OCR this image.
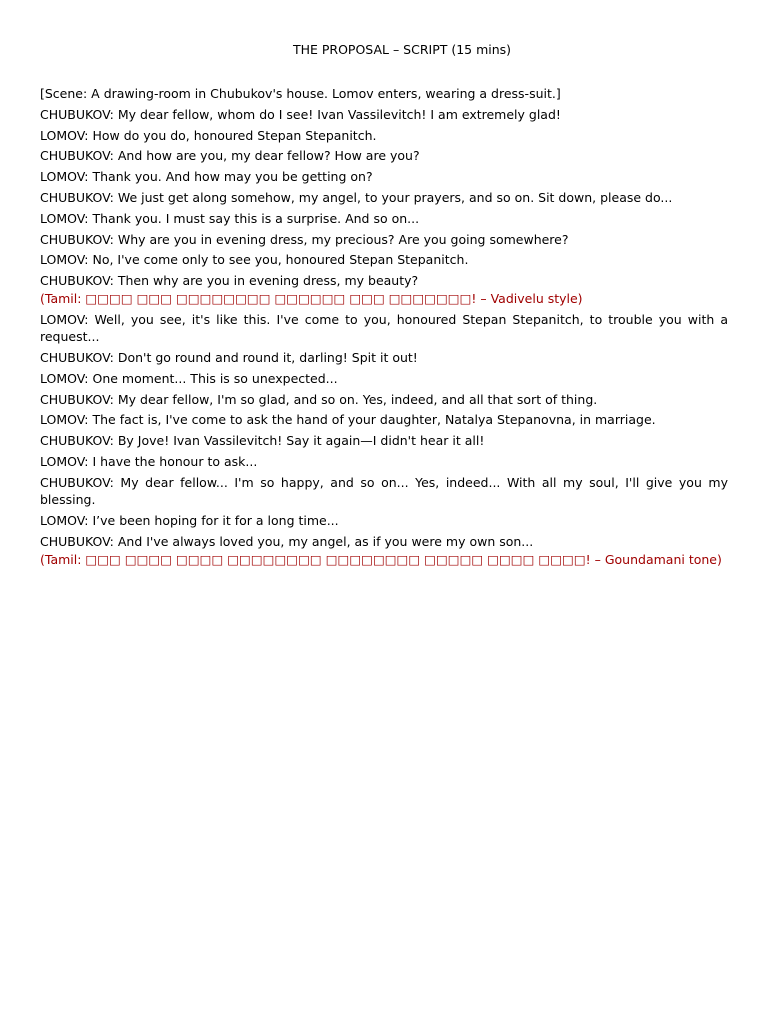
THE PROPOSAL – SCRIPT (15 mins)
[Scene: A drawing-room in Chubukov's house. Lomov enters, wearing a dress-suit.]
CHUBUKOV: My dear fellow, whom do I see! Ivan Vassilevitch! I am extremely glad!
LOMOV: How do you do, honoured Stepan Stepanitch.
CHUBUKOV: And how are you, my dear fellow? How are you?
LOMOV: Thank you. And how may you be getting on?
CHUBUKOV: We just get along somehow, my angel, to your prayers, and so on. Sit down, please do...
LOMOV: Thank you. I must say this is a surprise. And so on...
CHUBUKOV: Why are you in evening dress, my precious? Are you going somewhere?
LOMOV: No, I've come only to see you, honoured Stepan Stepanitch.
CHUBUKOV: Then why are you in evening dress, my beauty?
(Tamil: □□□□ □□□ □□□□□□□□ □□□□□□ □□□ □□□□□□□! – Vadivelu style)
LOMOV: Well, you see, it's like this. I've come to you, honoured Stepan Stepanitch, to trouble you with a request...
CHUBUKOV: Don't go round and round it, darling! Spit it out!
LOMOV: One moment... This is so unexpected...
CHUBUKOV: My dear fellow, I'm so glad, and so on. Yes, indeed, and all that sort of thing.
LOMOV: The fact is, I've come to ask the hand of your daughter, Natalya Stepanovna, in marriage.
CHUBUKOV: By Jove! Ivan Vassilevitch! Say it again—I didn't hear it all!
LOMOV: I have the honour to ask...
CHUBUKOV: My dear fellow... I'm so happy, and so on... Yes, indeed... With all my soul, I'll give you my blessing.
LOMOV: I’ve been hoping for it for a long time...
CHUBUKOV: And I've always loved you, my angel, as if you were my own son...
(Tamil: □□□ □□□□ □□□□ □□□□□□□□ □□□□□□□□ □□□□□ □□□□ □□□□! – Goundamani tone)
